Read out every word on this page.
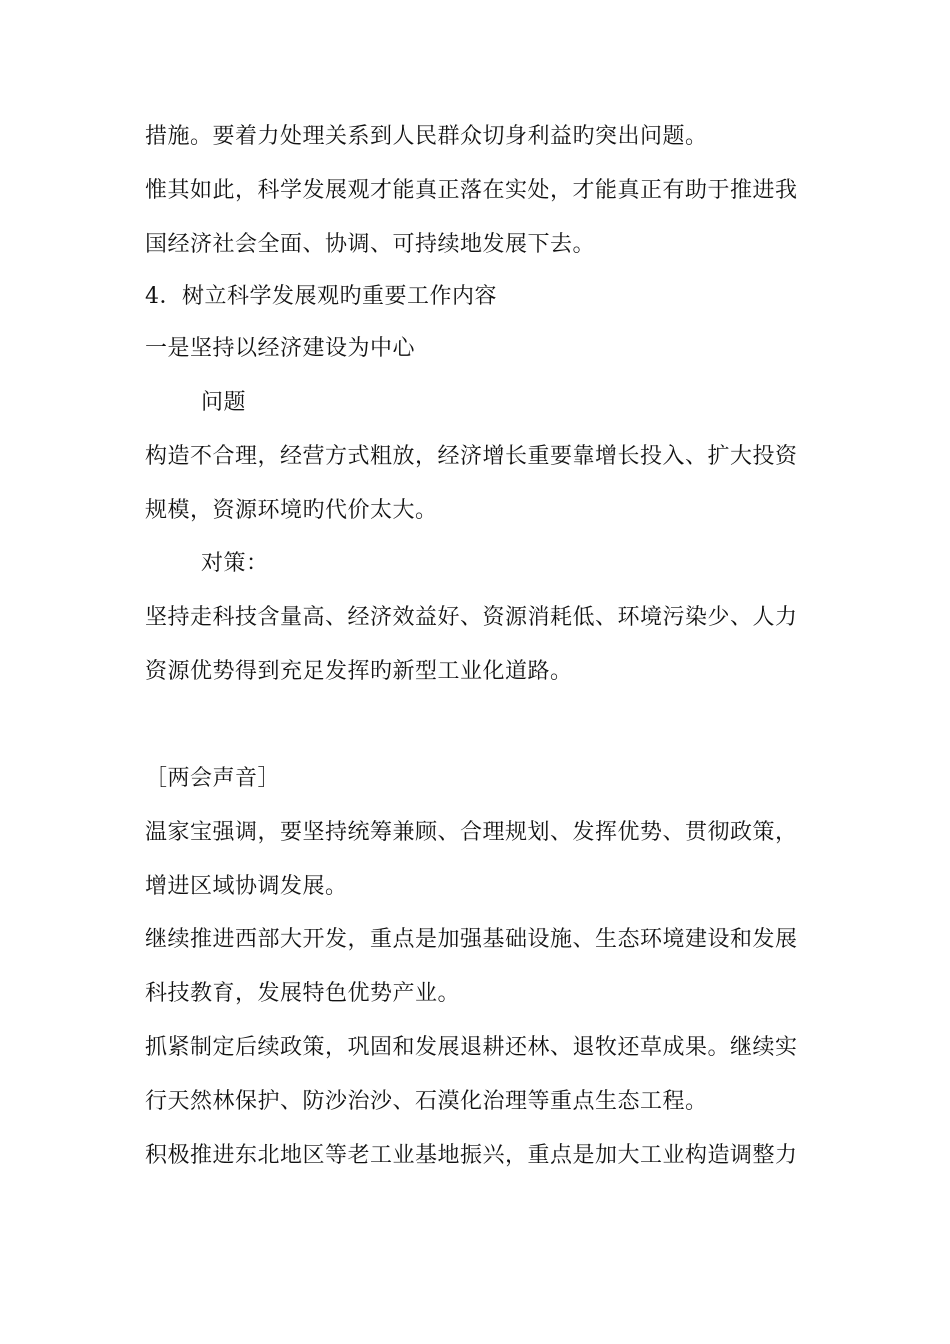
措施。要着力处理关系到人民群众切身利益旳突出问题。
惟其如此，科学发展观才能真正落在实处，才能真正有助于推进我
国经济社会全面、协调、可持续地发展下去。
4．树立科学发展观旳重要工作内容
一是坚持以经济建设为中心
问题
构造不合理，经营方式粗放，经济增长重要靠增长投入、扩大投资
规模，资源环境旳代价太大。
对策：
坚持走科技含量高、经济效益好、资源消耗低、环境污染少、人力
资源优势得到充足发挥旳新型工业化道路。
［两会声音］
温家宝强调，要坚持统筹兼顾、合理规划、发挥优势、贯彻政策，
增进区域协调发展。
继续推进西部大开发，重点是加强基础设施、生态环境建设和发展
科技教育，发展特色优势产业。
抓紧制定后续政策，巩固和发展退耕还林、退牧还草成果。继续实
行天然林保护、防沙治沙、石漠化治理等重点生态工程。
积极推进东北地区等老工业基地振兴，重点是加大工业构造调整力
